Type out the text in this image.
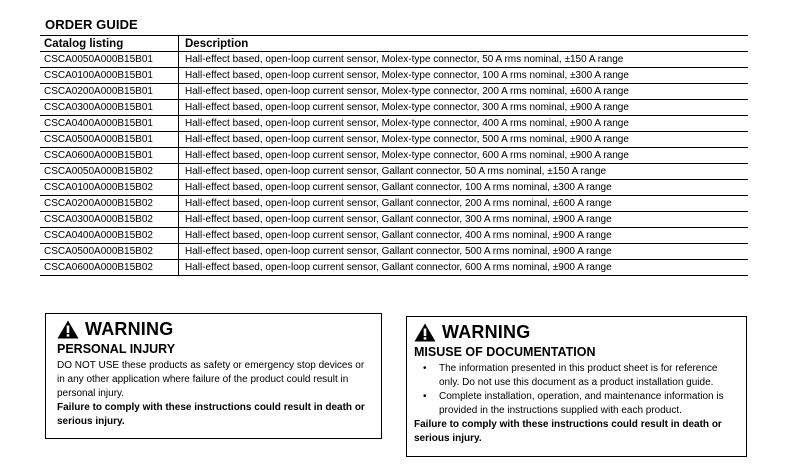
ORDER GUIDE
Catalog listing	Description
CSCA0050A000B15B01	Hall-effect based, open-loop current sensor, Molex-type connector, 50 A rms nominal, ±150 A range
CSCA0100A000B15B01	Hall-effect based, open-loop current sensor, Molex-type connector, 100 A rms nominal, ±300 A range
CSCA0200A000B15B01	Hall-effect based, open-loop current sensor, Molex-type connector, 200 A rms nominal, ±600 A range
CSCA0300A000B15B01	Hall-effect based, open-loop current sensor, Molex-type connector, 300 A rms nominal, ±900 A range
CSCA0400A000B15B01	Hall-effect based, open-loop current sensor, Molex-type connector, 400 A rms nominal, ±900 A range
CSCA0500A000B15B01	Hall-effect based, open-loop current sensor, Molex-type connector, 500 A rms nominal, ±900 A range
CSCA0600A000B15B01	Hall-effect based, open-loop current sensor, Molex-type connector, 600 A rms nominal, ±900 A range
CSCA0050A000B15B02	Hall-effect based, open-loop current sensor, Gallant connector, 50 A rms nominal, ±150 A range
CSCA0100A000B15B02	Hall-effect based, open-loop current sensor, Gallant connector, 100 A rms nominal, ±300 A range
CSCA0200A000B15B02	Hall-effect based, open-loop current sensor, Gallant connector, 200 A rms nominal, ±600 A range
CSCA0300A000B15B02	Hall-effect based, open-loop current sensor, Gallant connector, 300 A rms nominal, ±900 A range
CSCA0400A000B15B02	Hall-effect based, open-loop current sensor, Gallant connector, 400 A rms nominal, ±900 A range
CSCA0500A000B15B02	Hall-effect based, open-loop current sensor, Gallant connector, 500 A rms nominal, ±900 A range
CSCA0600A000B15B02	Hall-effect based, open-loop current sensor, Gallant connector, 600 A rms nominal, ±900 A range
WARNING
PERSONAL INJURY

DO NOT USE these products as safety or emergency stop devices or in any other application where failure of the product could result in personal injury.

Failure to comply with these instructions could result in death or serious injury.

WARNING
MISUSE OF DOCUMENTATION
• The information presented in this product sheet is for reference only. Do not use this document as a product installation guide.
• Complete installation, operation, and maintenance information is provided in the instructions supplied with each product.

Failure to comply with these instructions could result in death or serious injury.
